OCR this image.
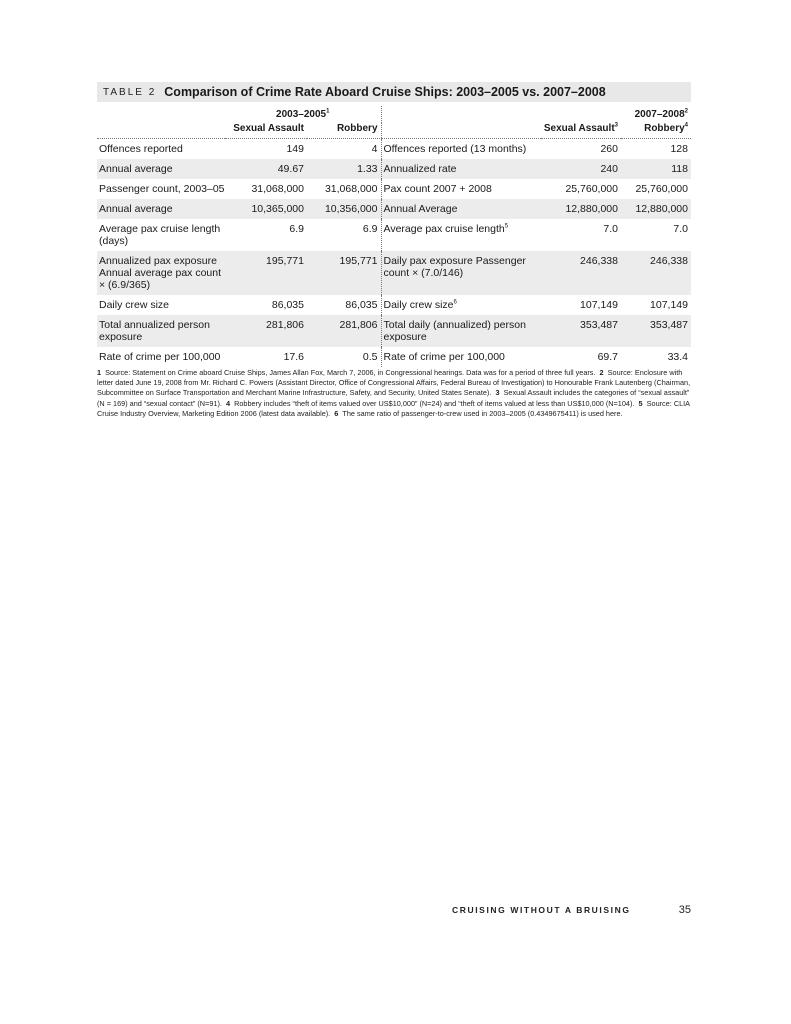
TABLE 2 Comparison of Crime Rate Aboard Cruise Ships: 2003–2005 vs. 2007–2008
	2003–2005$^1$			2007–2008$^2$
	Sexual Assault	Robbery		Sexual Assault$^3$	Robbery$^4$
Offences reported	149	4	Offences reported (13 months)	260	128
Annual average	49.67	1.33	Annualized rate	240	118
Passenger count, 2003–05	31,068,000	31,068,000	Pax count 2007 + 2008	25,760,000	25,760,000
Annual average	10,365,000	10,356,000	Annual Average	12,880,000	12,880,000
Average pax cruise length (days)	6.9	6.9	Average pax cruise length$^5$	7.0	7.0
Annualized pax exposure Annual average pax count × (6.9/365)	195,771	195,771	Daily pax exposure Passenger count × (7.0/146)	246,338	246,338
Daily crew size	86,035	86,035	Daily crew size$^6$	107,149	107,149
Total annualized person exposure	281,806	281,806	Total daily (annualized) person exposure	353,487	353,487
Rate of crime per 100,000	17.6	0.5	Rate of crime per 100,000	69.7	33.4
1 Source: Statement on Crime aboard Cruise Ships, James Allan Fox, March 7, 2006, in Congressional hearings. Data was for a period of three full years. 2 Source: Enclosure with letter dated June 19, 2008 from Mr. Richard C. Powers (Assistant Director, Office of Congressional Affairs, Federal Bureau of Investigation) to Honourable Frank Lautenberg (Chairman, Subcommittee on Surface Transportation and Merchant Marine Infrastructure, Safety, and Security, United States Senate). 3 Sexual Assault includes the categories of “sexual assault” (N = 169) and “sexual contact” (N=91). 4 Robbery includes “theft of items valued over US$10,000” (N=24) and “theft of items valued at less than US$10,000 (N=104). 5 Source: CLIA Cruise Industry Overview, Marketing Edition 2006 (latest data available). 6 The same ratio of passenger-to-crew used in 2003–2005 (0.4349675411) is used here.
CRUISING WITHOUT A BRUISING	35
